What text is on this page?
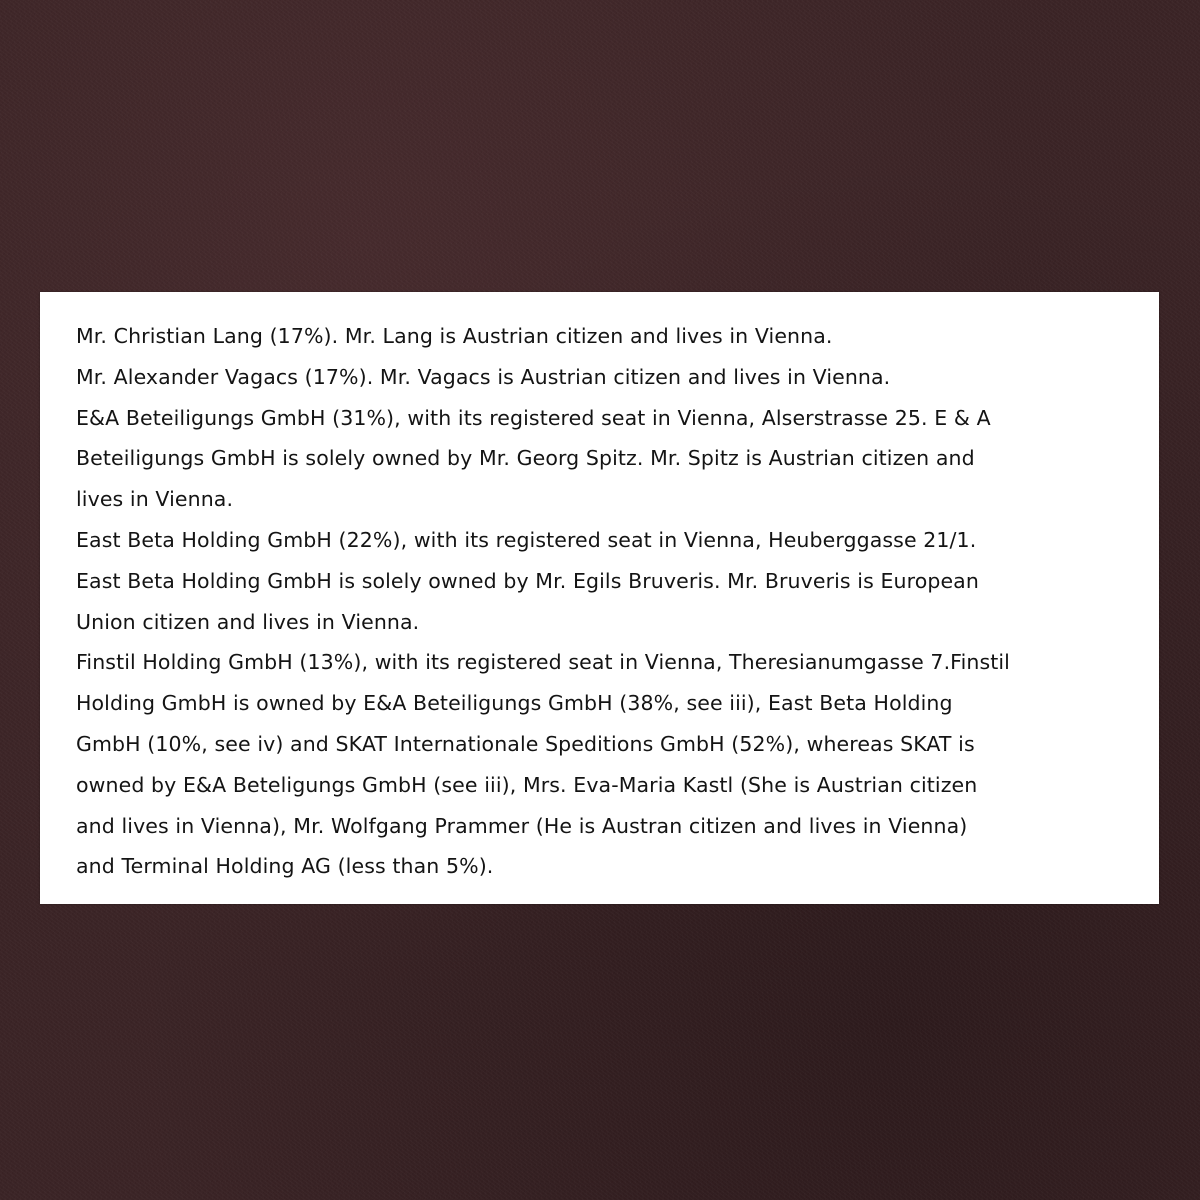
Mr. Christian Lang (17%). Mr. Lang is Austrian citizen and lives in Vienna.
Mr. Alexander Vagacs (17%). Mr. Vagacs is Austrian citizen and lives in Vienna.
E&A Beteiligungs GmbH (31%), with its registered seat in Vienna, Alserstrasse 25. E & A
Beteiligungs GmbH is solely owned by Mr. Georg Spitz. Mr. Spitz is Austrian citizen and
lives in Vienna.
East Beta Holding GmbH (22%), with its registered seat in Vienna, Heuberggasse 21/1.
East Beta Holding GmbH is solely owned by Mr. Egils Bruveris. Mr. Bruveris is European
Union citizen and lives in Vienna.
Finstil Holding GmbH (13%), with its registered seat in Vienna, Theresianumgasse 7.Finstil
Holding GmbH is owned by E&A Beteiligungs GmbH (38%, see iii), East Beta Holding
GmbH (10%, see iv) and SKAT Internationale Speditions GmbH (52%), whereas SKAT is
owned by E&A Beteligungs GmbH (see iii), Mrs. Eva-Maria Kastl (She is Austrian citizen
and lives in Vienna), Mr. Wolfgang Prammer (He is Austran citizen and lives in Vienna)
and Terminal Holding AG (less than 5%).
